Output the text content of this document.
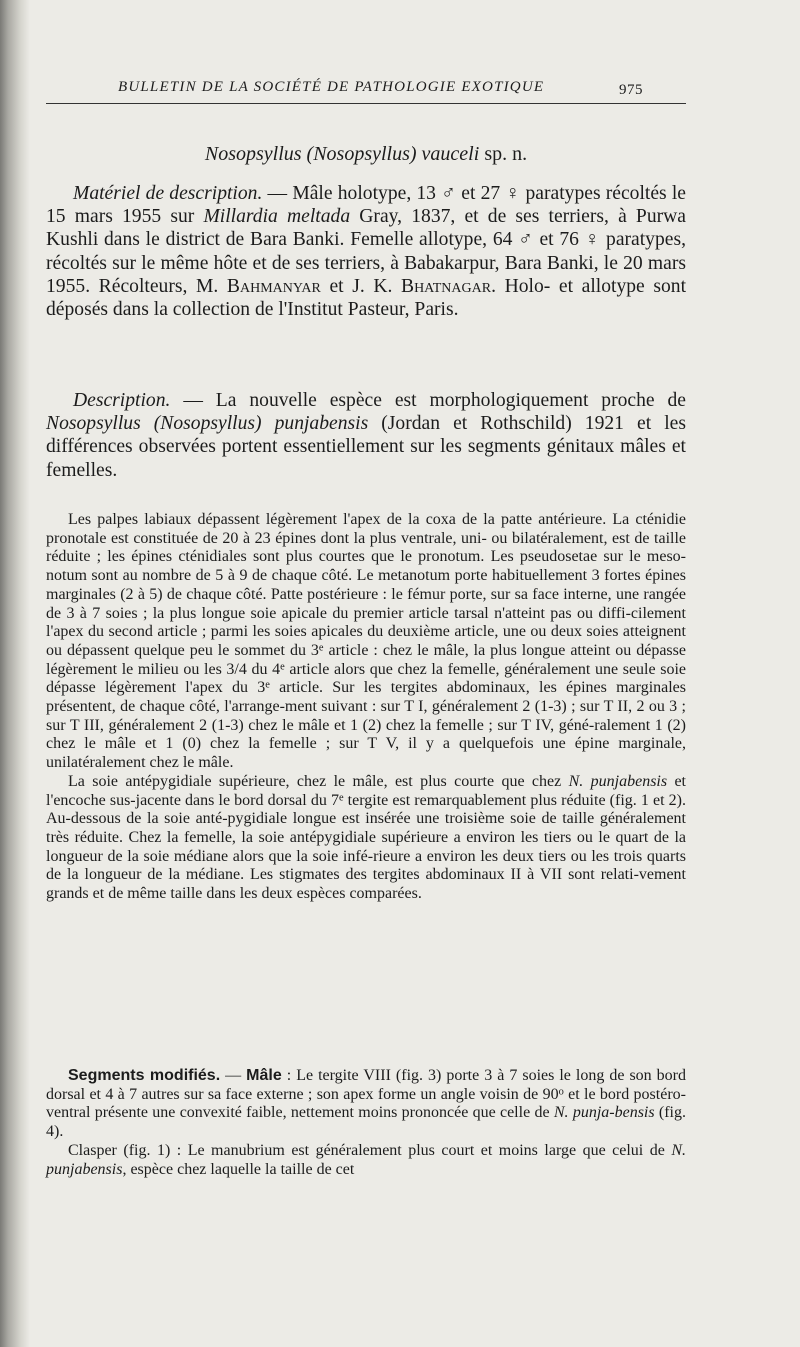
BULLETIN DE LA SOCIÉTÉ DE PATHOLOGIE EXOTIQUE	975
Nosopsyllus (Nosopsyllus) vauceli sp. n.

Matériel de description. — Mâle holotype, 13 ♂ et 27 ♀ paratypes récoltés le 15 mars 1955 sur Millardia meltada Gray, 1837, et de ses terriers, à Purwa Kushli dans le district de Bara Banki. Femelle allotype, 64 ♂ et 76 ♀ paratypes, récoltés sur le même hôte et de ses terriers, à Babakarpur, Bara Banki, le 20 mars 1955. Récolteurs, M. Bahmanyar et J. K. Bhatnagar. Holo- et allotype sont déposés dans la collection de l'Institut Pasteur, Paris.

Description. — La nouvelle espèce est morphologiquement proche de Nosopsyllus (Nosopsyllus) punjabensis (Jordan et Rothschild) 1921 et les différences observées portent essentiellement sur les segments génitaux mâles et femelles.

Les palpes labiaux dépassent légèrement l'apex de la coxa de la patte antérieure. La cténidie pronotale est constituée de 20 à 23 épines dont la plus ventrale, uni- ou bilatéralement, est de taille réduite ; les épines cténidiales sont plus courtes que le pronotum. Les pseudosetae sur le meso-notum sont au nombre de 5 à 9 de chaque côté. Le metanotum porte habituellement 3 fortes épines marginales (2 à 5) de chaque côté. Patte postérieure : le fémur porte, sur sa face interne, une rangée de 3 à 7 soies ; la plus longue soie apicale du premier article tarsal n'atteint pas ou diffi-cilement l'apex du second article ; parmi les soies apicales du deuxième article, une ou deux soies atteignent ou dépassent quelque peu le sommet du 3e article : chez le mâle, la plus longue atteint ou dépasse légèrement le milieu ou les 3/4 du 4e article alors que chez la femelle, généralement une seule soie dépasse légèrement l'apex du 3e article. Sur les tergites abdominaux, les épines marginales présentent, de chaque côté, l'arrange-ment suivant : sur T I, généralement 2 (1-3) ; sur T II, 2 ou 3 ; sur T III, généralement 2 (1-3) chez le mâle et 1 (2) chez la femelle ; sur T IV, géné-ralement 1 (2) chez le mâle et 1 (0) chez la femelle ; sur T V, il y a quelquefois une épine marginale, unilatéralement chez le mâle.

La soie antépygidiale supérieure, chez le mâle, est plus courte que chez N. punjabensis et l'encoche sus-jacente dans le bord dorsal du 7e tergite est remarquablement plus réduite (fig. 1 et 2). Au-dessous de la soie anté-pygidiale longue est insérée une troisième soie de taille généralement très réduite. Chez la femelle, la soie antépygidiale supérieure a environ les tiers ou le quart de la longueur de la soie médiane alors que la soie infé-rieure a environ les deux tiers ou les trois quarts de la longueur de la médiane. Les stigmates des tergites abdominaux II à VII sont relati-vement grands et de même taille dans les deux espèces comparées.

Segments modifiés. — Mâle : Le tergite VIII (fig. 3) porte 3 à 7 soies le long de son bord dorsal et 4 à 7 autres sur sa face externe ; son apex forme un angle voisin de 90$^o$ et le bord postéro-ventral présente une convexité faible, nettement moins prononcée que celle de N. punja-bensis (fig. 4).

Clasper (fig. 1) : Le manubrium est généralement plus court et moins large que celui de N. punjabensis, espèce chez laquelle la taille de cet
